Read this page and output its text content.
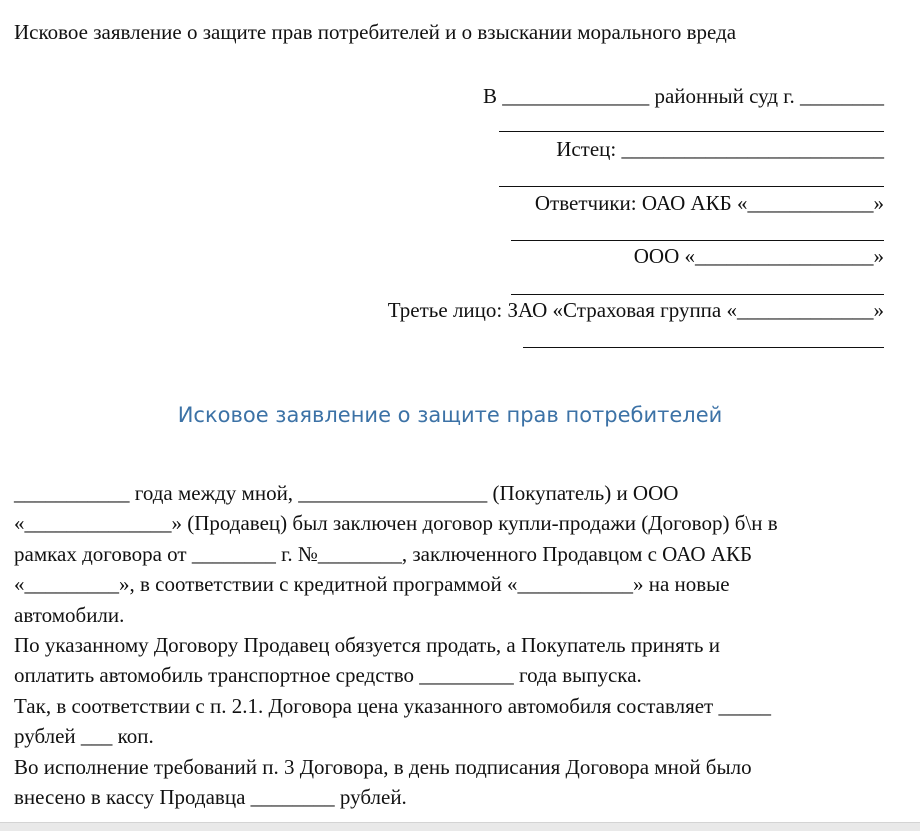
Исковое заявление о защите прав потребителей и о взыскании морального вреда
В ______________ районный суд г. ________
Истец: _________________________
Ответчики: ОАО АКБ «____________»
ООО «_________________»
Третье лицо: ЗАО «Страховая группа «_____________»
Исковое заявление о защите прав потребителей
___________ года между мной, __________________ (Покупатель) и ООО
«______________» (Продавец) был заключен договор купли-продажи (Договор) б\н в
рамках договора от ________ г. №________, заключенного Продавцом с ОАО АКБ
«_________», в соответствии с кредитной программой «___________» на новые
автомобили.
По указанному Договору Продавец обязуется продать, а Покупатель принять и
оплатить автомобиль транспортное средство _________ года выпуска.
Так, в соответствии с п. 2.1. Договора цена указанного автомобиля составляет _____
рублей ___ коп.
Во исполнение требований п. 3 Договора, в день подписания Договора мной было
внесено в кассу Продавца ________ рублей.
